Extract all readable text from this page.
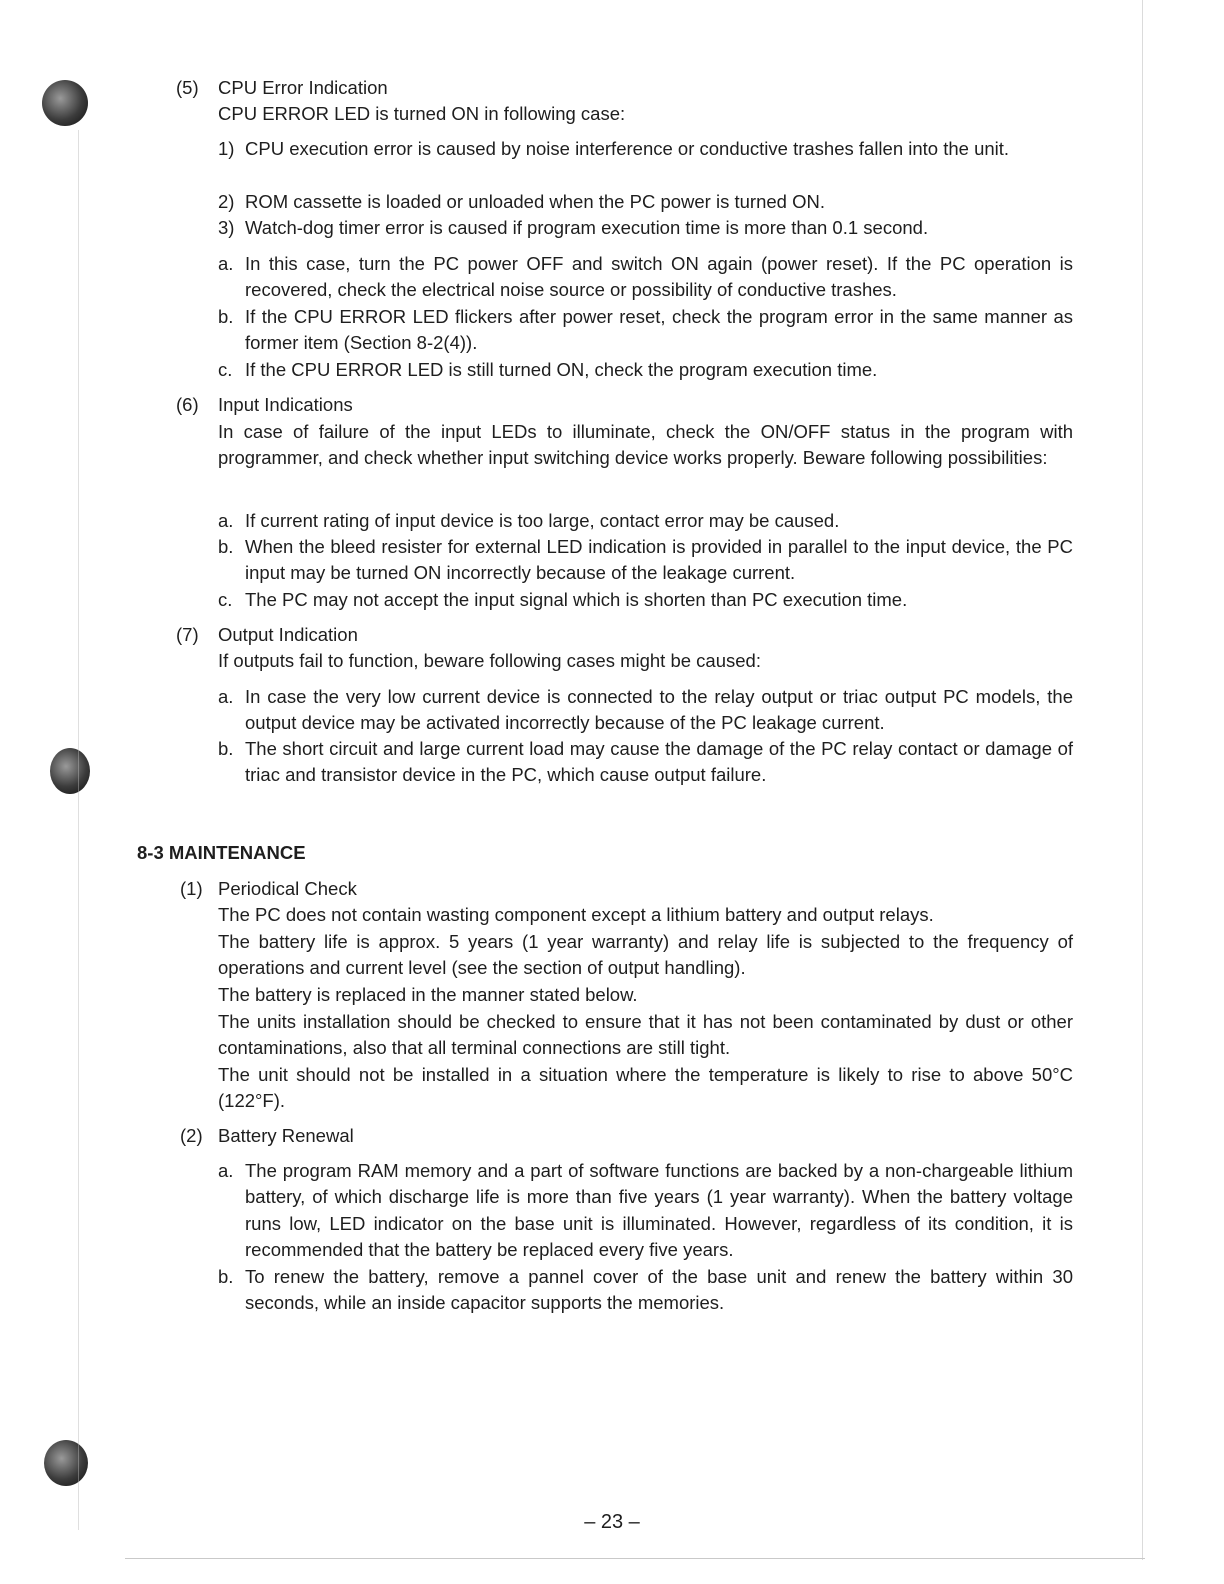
(5) CPU Error Indication

CPU ERROR LED is turned ON in following case:

1) CPU execution error is caused by noise interference or conductive trashes fallen into the unit.

2) ROM cassette is loaded or unloaded when the PC power is turned ON.

3) Watch-dog timer error is caused if program execution time is more than 0.1 second.

a. In this case, turn the PC power OFF and switch ON again (power reset). If the PC operation is recovered, check the electrical noise source or possibility of conductive trashes.

b. If the CPU ERROR LED flickers after power reset, check the program error in the same manner as former item (Section 8-2(4)).

c. If the CPU ERROR LED is still turned ON, check the program execution time.

(6) Input Indications

In case of failure of the input LEDs to illuminate, check the ON/OFF status in the program with programmer, and check whether input switching device works properly. Beware following possibilities:

a. If current rating of input device is too large, contact error may be caused.

b. When the bleed resister for external LED indication is provided in parallel to the input device, the PC input may be turned ON incorrectly because of the leakage current.

c. The PC may not accept the input signal which is shorten than PC execution time.

(7) Output Indication

If outputs fail to function, beware following cases might be caused:

a. In case the very low current device is connected to the relay output or triac output PC models, the output device may be activated incorrectly because of the PC leakage current.

b. The short circuit and large current load may cause the damage of the PC relay contact or damage of triac and transistor device in the PC, which cause output failure.

8-3 MAINTENANCE
(1) Periodical Check

The PC does not contain wasting component except a lithium battery and output relays.

The battery life is approx. 5 years (1 year warranty) and relay life is subjected to the frequency of operations and current level (see the section of output handling).

The battery is replaced in the manner stated below.

The units installation should be checked to ensure that it has not been contaminated by dust or other contaminations, also that all terminal connections are still tight.

The unit should not be installed in a situation where the temperature is likely to rise to above 50°C (122°F).

(2) Battery Renewal
a. The program RAM memory and a part of software functions are backed by a non-chargeable lithium battery, of which discharge life is more than five years (1 year warranty). When the battery voltage runs low, LED indicator on the base unit is illuminated. However, regardless of its condition, it is recommended that the battery be replaced every five years.

b. To renew the battery, remove a pannel cover of the base unit and renew the battery within 30 seconds, while an inside capacitor supports the memories.

– 23 –
